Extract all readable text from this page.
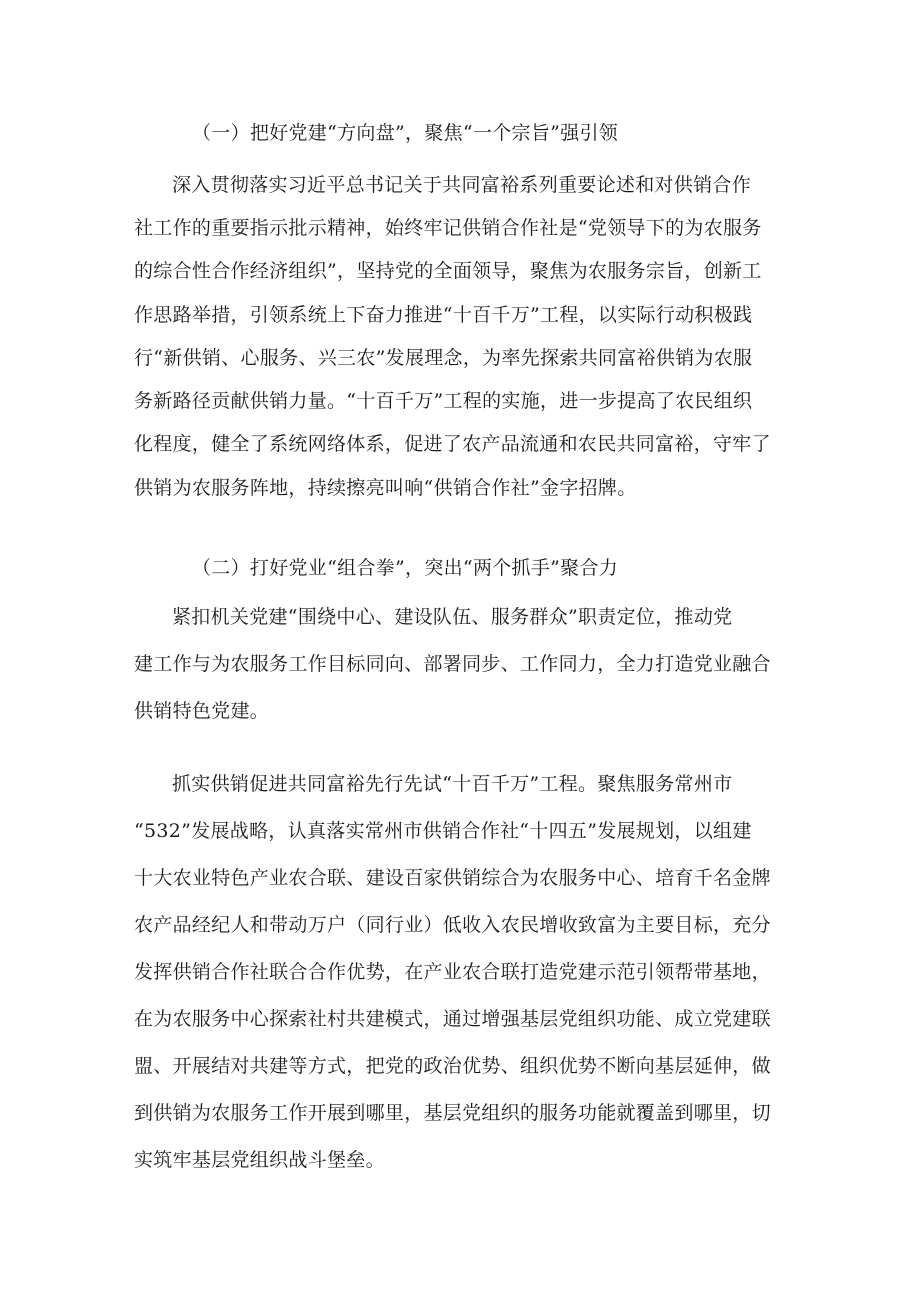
（一）把好党建“方向盘”，聚焦“一个宗旨”强引领
深入贯彻落实习近平总书记关于共同富裕系列重要论述和对供销合作
社工作的重要指示批示精神，始终牢记供销合作社是“党领导下的为农服务
的综合性合作经济组织”，坚持党的全面领导，聚焦为农服务宗旨，创新工
作思路举措，引领系统上下奋力推进“十百千万”工程，以实际行动积极践
行“新供销、心服务、兴三农”发展理念，为率先探索共同富裕供销为农服
务新路径贡献供销力量。“十百千万”工程的实施，进一步提高了农民组织
化程度，健全了系统网络体系，促进了农产品流通和农民共同富裕，守牢了
供销为农服务阵地，持续擦亮叫响“供销合作社”金字招牌。
（二）打好党业“组合拳”，突出“两个抓手”聚合力
紧扣机关党建“围绕中心、建设队伍、服务群众”职责定位，推动党
建工作与为农服务工作目标同向、部署同步、工作同力，全力打造党业融合
供销特色党建。
抓实供销促进共同富裕先行先试“十百千万”工程。聚焦服务常州市
“532”发展战略，认真落实常州市供销合作社“十四五”发展规划，以组建
十大农业特色产业农合联、建设百家供销综合为农服务中心、培育千名金牌
农产品经纪人和带动万户（同行业）低收入农民增收致富为主要目标，充分
发挥供销合作社联合合作优势，在产业农合联打造党建示范引领帮带基地，
在为农服务中心探索社村共建模式，通过增强基层党组织功能、成立党建联
盟、开展结对共建等方式，把党的政治优势、组织优势不断向基层延伸，做
到供销为农服务工作开展到哪里，基层党组织的服务功能就覆盖到哪里，切
实筑牢基层党组织战斗堡垒。
